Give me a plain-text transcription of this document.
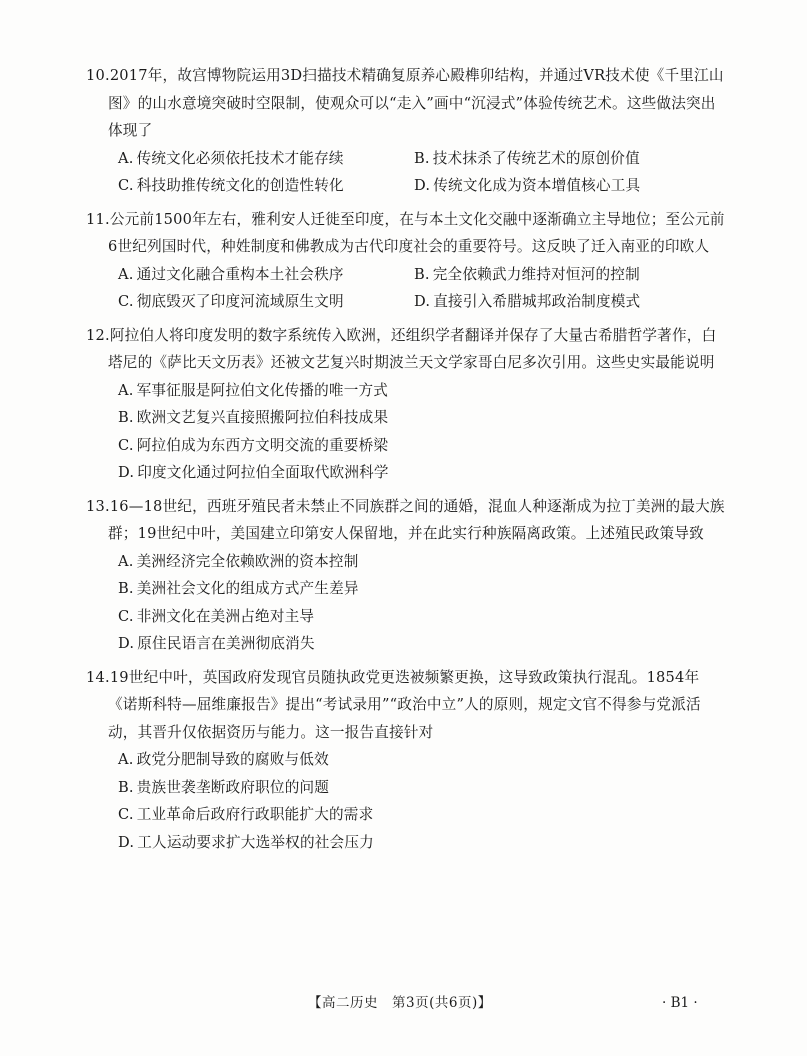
10.2017年，故宫博物院运用3D扫描技术精确复原养心殿榫卯结构，并通过VR技术使《千里江山图》的山水意境突破时空限制，使观众可以“走入”画中“沉浸式”体验传统艺术。这些做法突出体现了
A. 传统文化必须依托技术才能存续	B. 技术抹杀了传统艺术的原创价值
C. 科技助推传统文化的创造性转化	D. 传统文化成为资本增值核心工具
11.公元前1500年左右，雅利安人迁徙至印度，在与本土文化交融中逐渐确立主导地位；至公元前6世纪列国时代，种姓制度和佛教成为古代印度社会的重要符号。这反映了迁入南亚的印欧人
A. 通过文化融合重构本土社会秩序	B. 完全依赖武力维持对恒河的控制
C. 彻底毁灭了印度河流域原生文明	D. 直接引入希腊城邦政治制度模式
12.阿拉伯人将印度发明的数字系统传入欧洲，还组织学者翻译并保存了大量古希腊哲学著作，白塔尼的《萨比天文历表》还被文艺复兴时期波兰天文学家哥白尼多次引用。这些史实最能说明
A. 军事征服是阿拉伯文化传播的唯一方式
B. 欧洲文艺复兴直接照搬阿拉伯科技成果
C. 阿拉伯成为东西方文明交流的重要桥梁
D. 印度文化通过阿拉伯全面取代欧洲科学
13.16—18世纪，西班牙殖民者未禁止不同族群之间的通婚，混血人种逐渐成为拉丁美洲的最大族群；19世纪中叶，美国建立印第安人保留地，并在此实行种族隔离政策。上述殖民政策导致
A. 美洲经济完全依赖欧洲的资本控制
B. 美洲社会文化的组成方式产生差异
C. 非洲文化在美洲占绝对主导
D. 原住民语言在美洲彻底消失
14.19世纪中叶，英国政府发现官员随执政党更迭被频繁更换，这导致政策执行混乱。1854年《诺斯科特—屈维廉报告》提出“考试录用”“政治中立”人的原则，规定文官不得参与党派活动，其晋升仅依据资历与能力。这一报告直接针对
A. 政党分肥制导致的腐败与低效
B. 贵族世袭垄断政府职位的问题
C. 工业革命后政府行政职能扩大的需求
D. 工人运动要求扩大选举权的社会压力
【高二历史　第3页(共6页)】	· B1 ·
